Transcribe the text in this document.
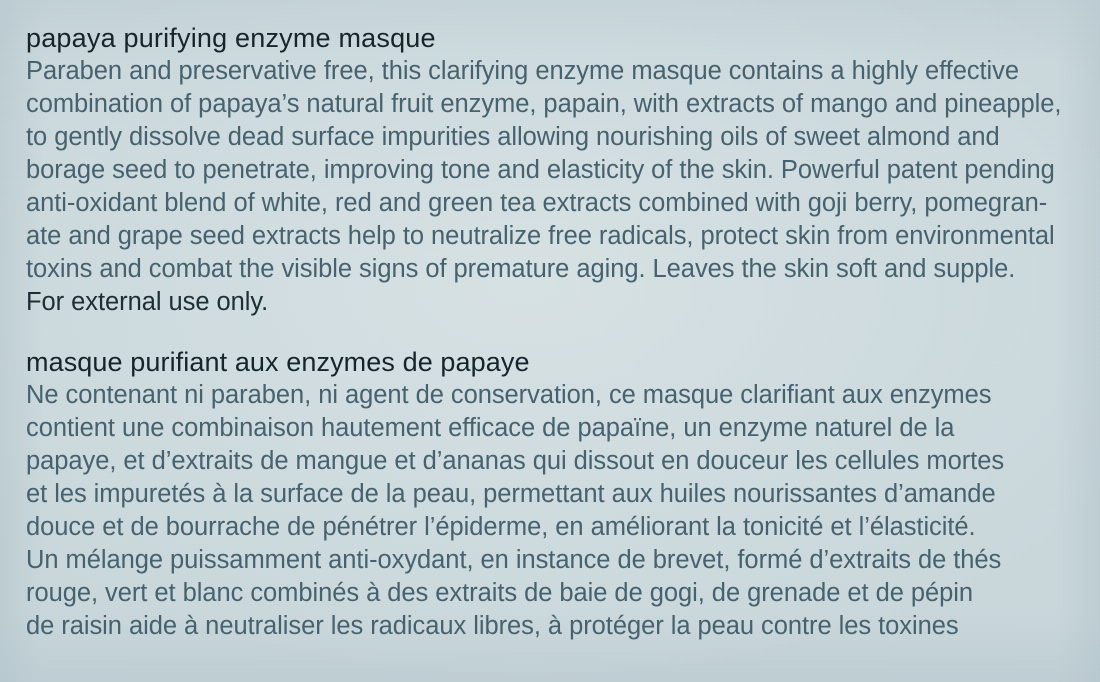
papaya purifying enzyme masque

Paraben and preservative free, this clarifying enzyme masque contains a highly effective

combination of papaya’s natural fruit enzyme, papain, with extracts of mango and pineapple,

to gently dissolve dead surface impurities allowing nourishing oils of sweet almond and

borage seed to penetrate, improving tone and elasticity of the skin. Powerful patent pending

anti-oxidant blend of white, red and green tea extracts combined with goji berry, pomegran-

ate and grape seed extracts help to neutralize free radicals, protect skin from environmental

toxins and combat the visible signs of premature aging. Leaves the skin soft and supple.

For external use only.

masque purifiant aux enzymes de papaye

Ne contenant ni paraben, ni agent de conservation, ce masque clarifiant aux enzymes

contient une combinaison hautement efficace de papaïne, un enzyme naturel de la

papaye, et d’extraits de mangue et d’ananas qui dissout en douceur les cellules mortes

et les impuretés à la surface de la peau, permettant aux huiles nourissantes d’amande

douce et de bourrache de pénétrer l’épiderme, en améliorant la tonicité et l’élasticité.

Un mélange puissamment anti-oxydant, en instance de brevet, formé d’extraits de thés

rouge, vert et blanc combinés à des extraits de baie de gogi, de grenade et de pépin

de raisin aide à neutraliser les radicaux libres, à protéger la peau contre les toxines
